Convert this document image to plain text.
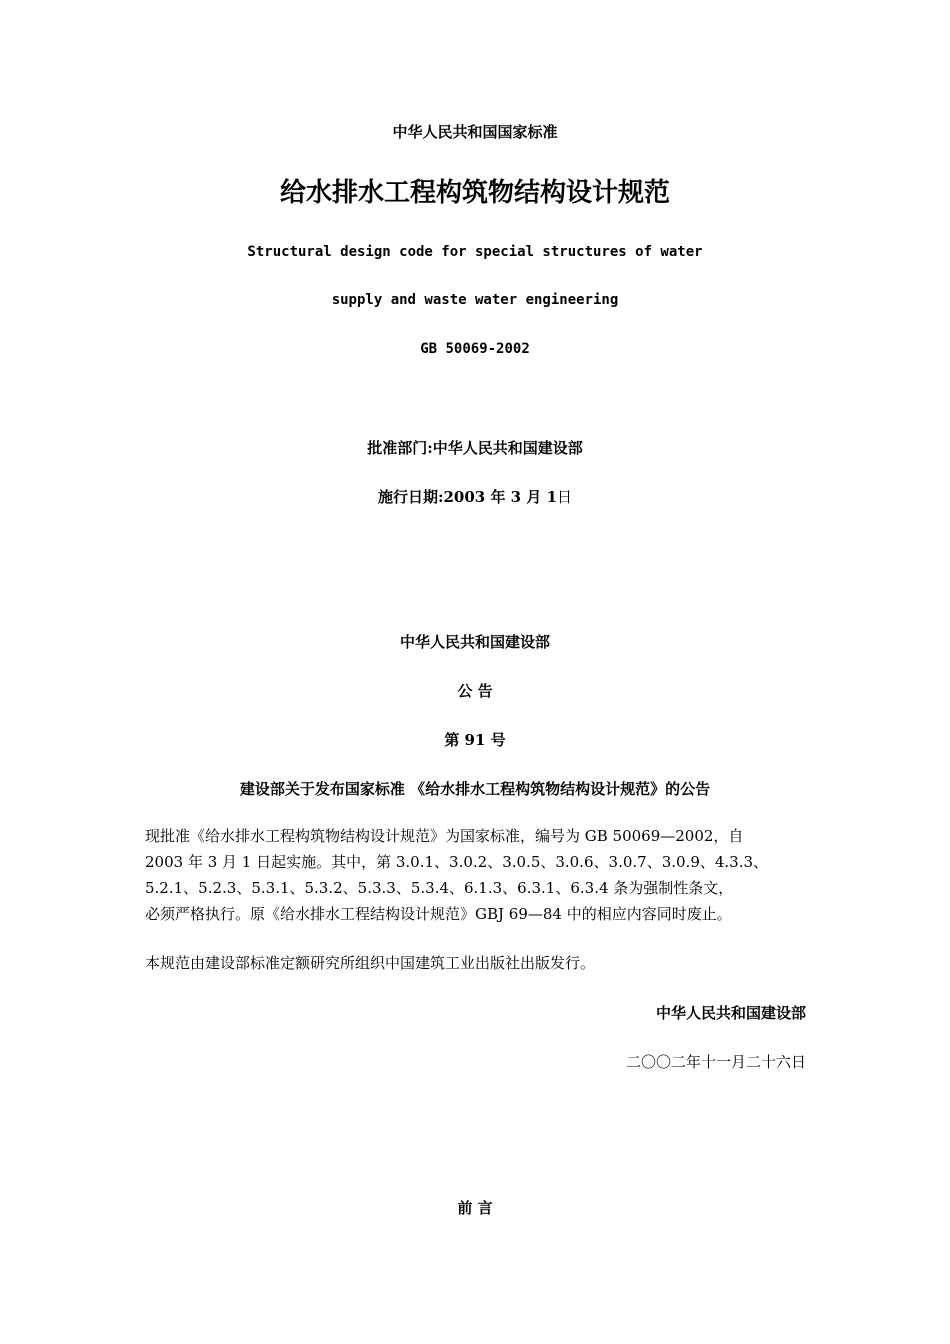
中华人民共和国国家标准
给水排水工程构筑物结构设计规范
Structural design code for special structures of water
supply and waste water engineering
GB 50069-2002
批准部门:中华人民共和国建设部
施行日期:2003 年 3 月 1日
中华人民共和国建设部
公 告
第 91 号
建设部关于发布国家标准 《给水排水工程构筑物结构设计规范》的公告

现批准《给水排水工程构筑物结构设计规范》为国家标准，编号为 GB 50069—2002，自

2003 年 3 月 1 日起实施。其中，第 3.0.1、3.0.2、3.0.5、3.0.6、3.0.7、3.0.9、4.3.3、

5.2.1、5.2.3、5.3.1、5.3.2、5.3.3、5.3.4、6.1.3、6.3.1、6.3.4 条为强制性条文，

必须严格执行。原《给水排水工程结构设计规范》GBJ 69—84 中的相应内容同时废止。

本规范由建设部标准定额研究所组织中国建筑工业出版社出版发行。

中华人民共和国建设部
二〇〇二年十一月二十六日
前 言
